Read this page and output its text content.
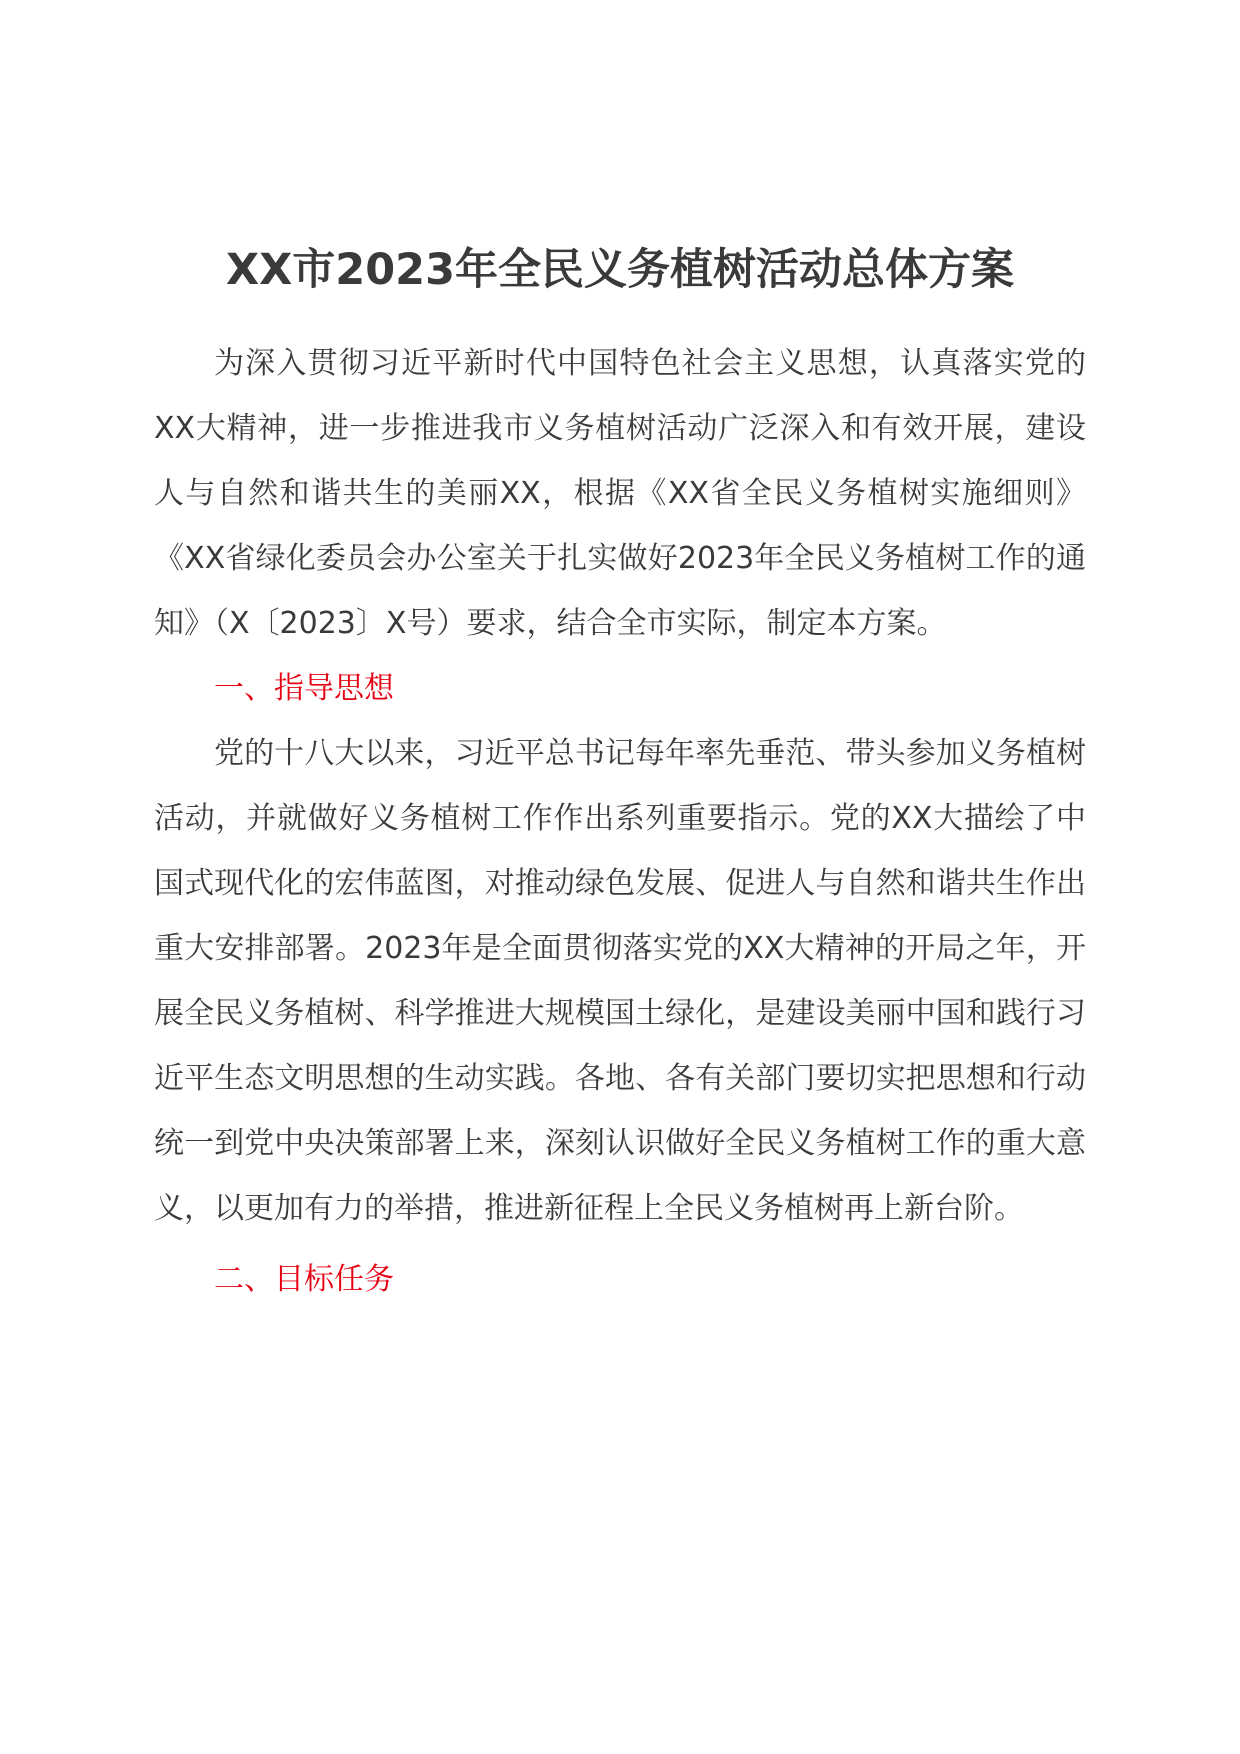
XX市2023年全民义务植树活动总体方案

为深入贯彻习近平新时代中国特色社会主义思想，认真落实党的XX大精神，进一步推进我市义务植树活动广泛深入和有效开展，建设人与自然和谐共生的美丽XX，根据《XX省全民义务植树实施细则》《XX省绿化委员会办公室关于扎实做好2023年全民义务植树工作的通知》（X〔2023〕X号）要求，结合全市实际，制定本方案。

一、指导思想

党的十八大以来，习近平总书记每年率先垂范、带头参加义务植树活动，并就做好义务植树工作作出系列重要指示。党的XX大描绘了中国式现代化的宏伟蓝图，对推动绿色发展、促进人与自然和谐共生作出重大安排部署。2023年是全面贯彻落实党的XX大精神的开局之年，开展全民义务植树、科学推进大规模国土绿化，是建设美丽中国和践行习近平生态文明思想的生动实践。各地、各有关部门要切实把思想和行动统一到党中央决策部署上来，深刻认识做好全民义务植树工作的重大意义，以更加有力的举措，推进新征程上全民义务植树再上新台阶。

二、目标任务
